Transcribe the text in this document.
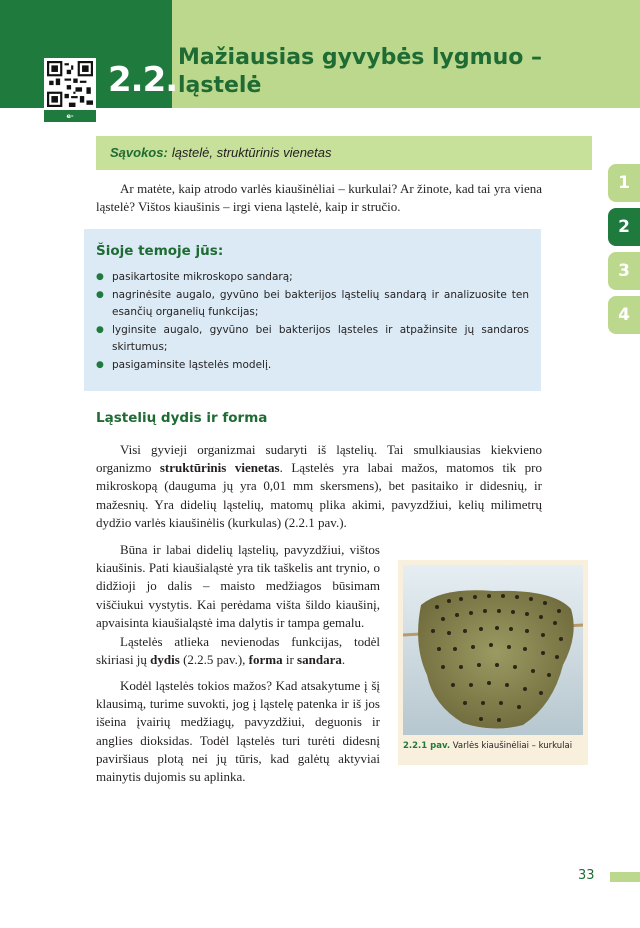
e-lankos.lt/g51d
2.2.
Mažiausias gyvybės lygmuo – ląstelė
Sąvokos: ląstelė, struktūrinis vienetas
1
2
3
4

Ar matėte, kaip atrodo varlės kiaušinėliai – kurkulai? Ar žinote, kad tai yra viena ląstelė? Vištos kiaušinis – irgi viena ląstelė, kaip ir stručio.

Šioje temoje jūs:
● pasikartosite mikroskopo sandarą;
● nagrinėsite augalo, gyvūno bei bakterijos ląstelių sandarą ir analizuosite ten esančių organelių funkcijas;
● lyginsite augalo, gyvūno bei bakterijos ląsteles ir atpažinsite jų sandaros skirtumus;
● pasigaminsite ląstelės modelį.
Ląstelių dydis ir forma

Visi gyvieji organizmai sudaryti iš ląstelių. Tai smulkiausias kiekvieno organizmo struktūrinis vienetas. Ląstelės yra labai mažos, matomos tik pro mikroskopą (dauguma jų yra 0,01 mm skersmens), bet pasitaiko ir didesnių, ir mažesnių. Yra didelių ląstelių, matomų plika akimi, pavyzdžiui, kelių milimetrų dydžio varlės kiaušinėlis (kurkulas) (2.2.1 pav.).

Būna ir labai didelių ląstelių, pavyzdžiui, vištos kiaušinis. Pati kiaušialąstė yra tik taškelis ant trynio, o didžioji jo dalis – maisto medžiagos būsimam viščiukui vystytis. Kai perėdama višta šildo kiaušinį, apvaisinta kiaušialąstė ima dalytis ir tampa gemalu.

Ląstelės atlieka nevienodas funkcijas, todėl skiriasi jų dydis (2.2.5 pav.), forma ir sandara.

Kodėl ląstelės tokios mažos? Kad atsakytume į šį klausimą, turime suvokti, jog į ląstelę patenka ir iš jos išeina įvairių medžiagų, pavyzdžiui, deguonis ir anglies dioksidas. Todėl ląstelės turi turėti didesnį paviršiaus plotą nei jų tūris, kad galėtų aktyviai mainytis dujomis su aplinka.

2.2.1 pav. Varlės kiaušinėliai – kurkulai
33
